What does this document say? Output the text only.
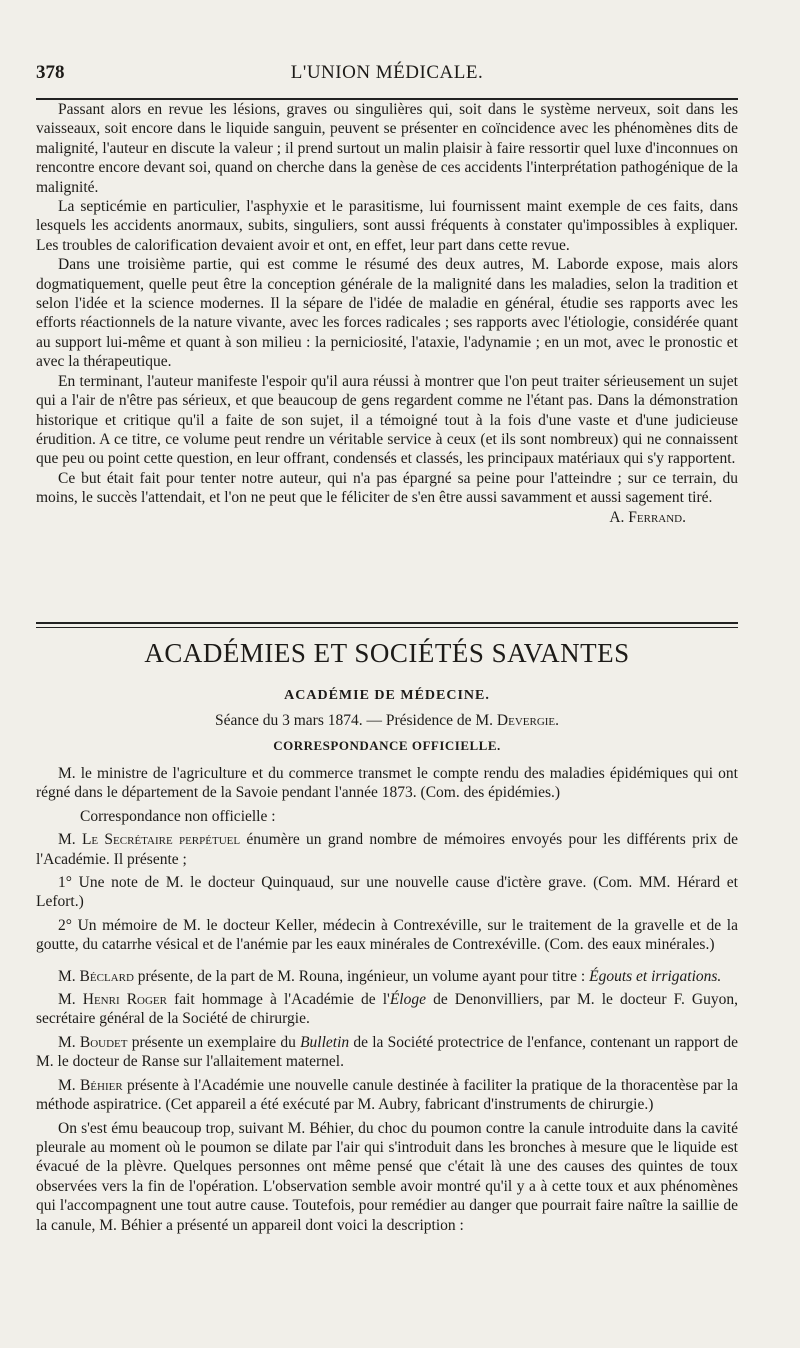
378	L'UNION MÉDICALE.

Passant alors en revue les lésions, graves ou singulières qui, soit dans le système nerveux, soit dans les vaisseaux, soit encore dans le liquide sanguin, peuvent se présenter en coïncidence avec les phénomènes dits de malignité, l'auteur en discute la valeur ; il prend surtout un malin plaisir à faire ressortir quel luxe d'inconnues on rencontre encore devant soi, quand on cherche dans la genèse de ces accidents l'interprétation pathogénique de la malignité.

La septicémie en particulier, l'asphyxie et le parasitisme, lui fournissent maint exemple de ces faits, dans lesquels les accidents anormaux, subits, singuliers, sont aussi fréquents à constater qu'impossibles à expliquer. Les troubles de calorification devaient avoir et ont, en effet, leur part dans cette revue.

Dans une troisième partie, qui est comme le résumé des deux autres, M. Laborde expose, mais alors dogmatiquement, quelle peut être la conception générale de la malignité dans les maladies, selon la tradition et selon l'idée et la science modernes. Il la sépare de l'idée de maladie en général, étudie ses rapports avec les efforts réactionnels de la nature vivante, avec les forces radicales ; ses rapports avec l'étiologie, considérée quant au support lui-même et quant à son milieu : la perniciosité, l'ataxie, l'adynamie ; en un mot, avec le pronostic et avec la thérapeutique.

En terminant, l'auteur manifeste l'espoir qu'il aura réussi à montrer que l'on peut traiter sérieusement un sujet qui a l'air de n'être pas sérieux, et que beaucoup de gens regardent comme ne l'étant pas. Dans la démonstration historique et critique qu'il a faite de son sujet, il a témoigné tout à la fois d'une vaste et d'une judicieuse érudition. A ce titre, ce volume peut rendre un véritable service à ceux (et ils sont nombreux) qui ne connaissent que peu ou point cette question, en leur offrant, condensés et classés, les principaux matériaux qui s'y rapportent.

Ce but était fait pour tenter notre auteur, qui n'a pas épargné sa peine pour l'atteindre ; sur ce terrain, du moins, le succès l'attendait, et l'on ne peut que le féliciter de s'en être aussi savamment et aussi sagement tiré.

A. Ferrand.

ACADÉMIES ET SOCIÉTÉS SAVANTES
ACADÉMIE DE MÉDECINE.
Séance du 3 mars 1874. — Présidence de M. Devergie.
CORRESPONDANCE OFFICIELLE.

M. le ministre de l'agriculture et du commerce transmet le compte rendu des maladies épidémiques qui ont régné dans le département de la Savoie pendant l'année 1873. (Com. des épidémies.)

Correspondance non officielle :

M. Le Secrétaire perpétuel énumère un grand nombre de mémoires envoyés pour les différents prix de l'Académie. Il présente ;

1° Une note de M. le docteur Quinquaud, sur une nouvelle cause d'ictère grave. (Com. MM. Hérard et Lefort.)

2° Un mémoire de M. le docteur Keller, médecin à Contrexéville, sur le traitement de la gravelle et de la goutte, du catarrhe vésical et de l'anémie par les eaux minérales de Contrexéville. (Com. des eaux minérales.)

M. Béclard présente, de la part de M. Rouna, ingénieur, un volume ayant pour titre : Égouts et irrigations.

M. Henri Roger fait hommage à l'Académie de l'Éloge de Denonvilliers, par M. le docteur F. Guyon, secrétaire général de la Société de chirurgie.

M. Boudet présente un exemplaire du Bulletin de la Société protectrice de l'enfance, contenant un rapport de M. le docteur de Ranse sur l'allaitement maternel.

M. Béhier présente à l'Académie une nouvelle canule destinée à faciliter la pratique de la thoracentèse par la méthode aspiratrice. (Cet appareil a été exécuté par M. Aubry, fabricant d'instruments de chirurgie.)

On s'est ému beaucoup trop, suivant M. Béhier, du choc du poumon contre la canule introduite dans la cavité pleurale au moment où le poumon se dilate par l'air qui s'introduit dans les bronches à mesure que le liquide est évacué de la plèvre. Quelques personnes ont même pensé que c'était là une des causes des quintes de toux observées vers la fin de l'opération. L'observation semble avoir montré qu'il y a à cette toux et aux phénomènes qui l'accompagnent une tout autre cause. Toutefois, pour remédier au danger que pourrait faire naître la saillie de la canule, M. Béhier a présenté un appareil dont voici la description :
